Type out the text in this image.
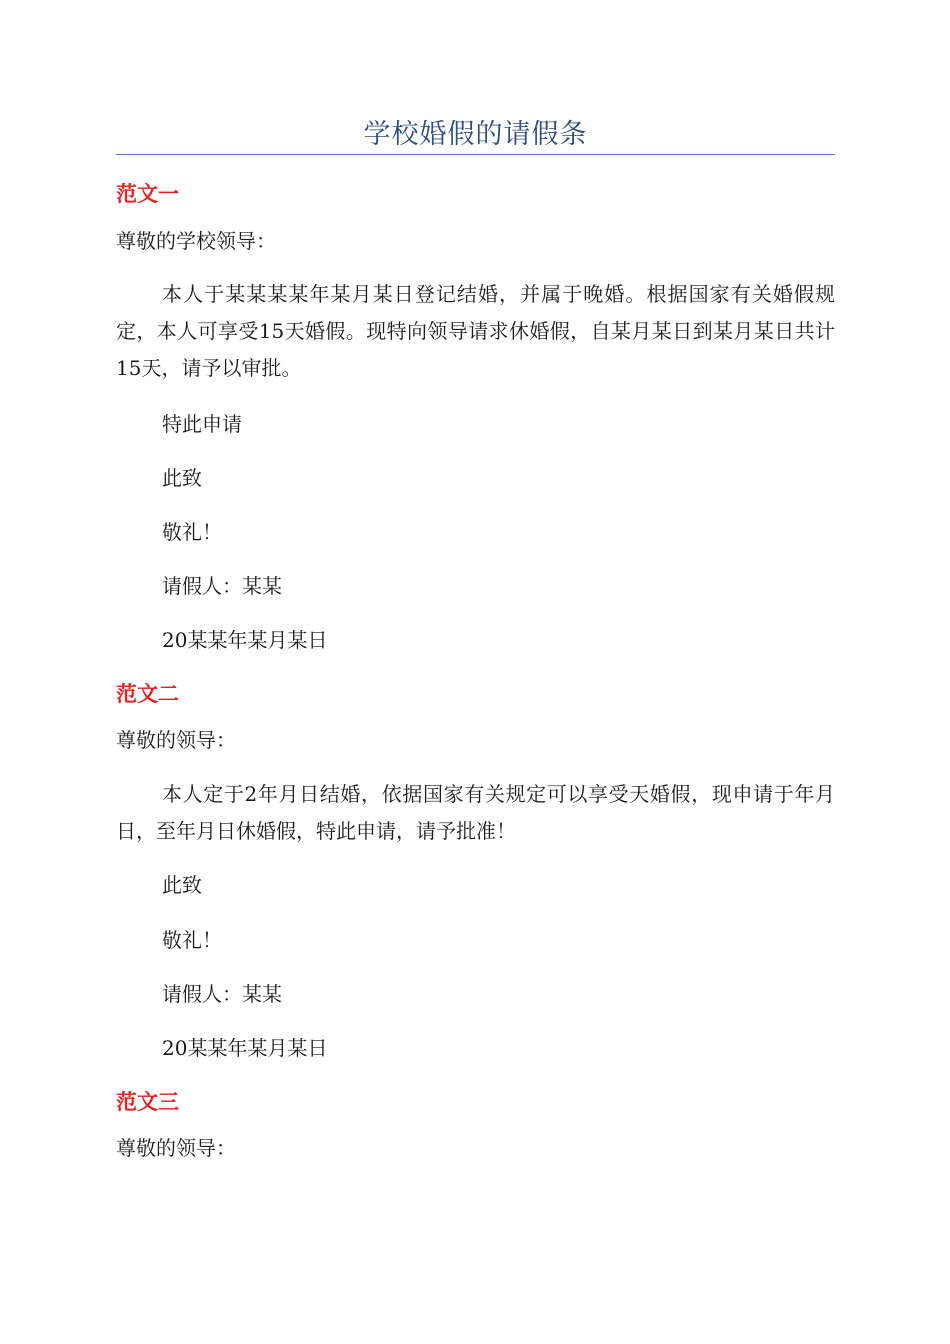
学校婚假的请假条
范文一
尊敬的学校领导：
本人于某某某某年某月某日登记结婚，并属于晚婚。根据国家有关婚假规定，本人可享受15天婚假。现特向领导请求休婚假，自某月某日到某月某日共计15天，请予以审批。
特此申请
此致
敬礼！
请假人：某某
20某某年某月某日
范文二
尊敬的领导：
本人定于2年月日结婚，依据国家有关规定可以享受天婚假，现申请于年月日，至年月日休婚假，特此申请，请予批准！
此致
敬礼！
请假人：某某
20某某年某月某日
范文三
尊敬的领导：
